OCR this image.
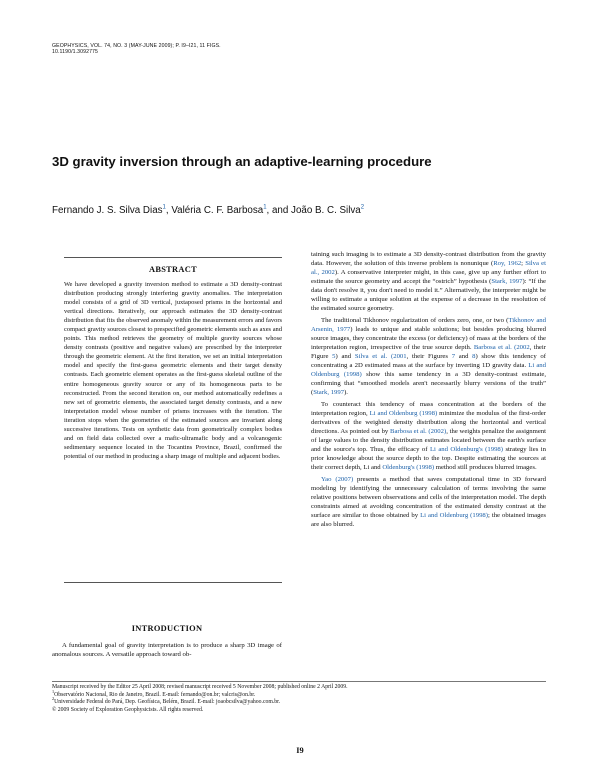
GEOPHYSICS, VOL. 74, NO. 3 (MAY-JUNE 2009); P. I9–I21, 11 FIGS.
10.1190/1.3092775
3D gravity inversion through an adaptive-learning procedure
Fernando J. S. Silva Dias$^1$, Valéria C. F. Barbosa$^1$, and João B. C. Silva$^2$
ABSTRACT
We have developed a gravity inversion method to estimate a 3D density-contrast distribution producing strongly interfering gravity anomalies. The interpretation model consists of a grid of 3D vertical, juxtaposed prisms in the horizontal and vertical directions. Iteratively, our approach estimates the 3D density-contrast distribution that fits the observed anomaly within the measurement errors and favors compact gravity sources closest to prespecified geometric elements such as axes and points. This method retrieves the geometry of multiple gravity sources whose density contrasts (positive and negative values) are prescribed by the interpreter through the geometric element. At the first iteration, we set an initial interpretation model and specify the first-guess geometric elements and their target density contrasts. Each geometric element operates as the first-guess skeletal outline of the entire homogeneous gravity source or any of its homogeneous parts to be reconstructed. From the second iteration on, our method automatically redefines a new set of geometric elements, the associated target density contrasts, and a new interpretation model whose number of prisms increases with the iteration. The iteration stops when the geometries of the estimated sources are invariant along successive iterations. Tests on synthetic data from geometrically complex bodies and on field data collected over a mafic-ultramafic body and a volcanogenic sedimentary sequence located in the Tocantins Province, Brazil, confirmed the potential of our method in producing a sharp image of multiple and adjacent bodies.
INTRODUCTION
A fundamental goal of gravity interpretation is to produce a sharp 3D image of anomalous sources. A versatile approach toward ob-

taining such imaging is to estimate a 3D density-contrast distribution from the gravity data. However, the solution of this inverse problem is nonunique (Roy, 1962; Silva et al., 2002). A conservative interpreter might, in this case, give up any further effort to estimate the source geometry and accept the “ostrich” hypothesis (Stark, 1997): “If the data don't resolve it, you don't need to model it.” Alternatively, the interpreter might be willing to estimate a unique solution at the expense of a decrease in the resolution of the estimated source geometry.

The traditional Tikhonov regularization of orders zero, one, or two (Tikhonov and Arsenin, 1977) leads to unique and stable solutions; but besides producing blurred source images, they concentrate the excess (or deficiency) of mass at the borders of the interpretation region, irrespective of the true source depth. Barbosa et al. (2002, their Figure 5) and Silva et al. (2001, their Figures 7 and 8) show this tendency of concentrating a 2D estimated mass at the surface by inverting 1D gravity data. Li and Oldenburg (1998) show this same tendency in a 3D density-contrast estimate, confirming that “smoothed models aren't necessarily blurry versions of the truth” (Stark, 1997).

To counteract this tendency of mass concentration at the borders of the interpretation region, Li and Oldenburg (1998) minimize the modulus of the first-order derivatives of the weighted density distribution along the horizontal and vertical directions. As pointed out by Barbosa et al. (2002), the weights penalize the assignment of large values to the density distribution estimates located between the earth's surface and the source's top. Thus, the efficacy of Li and Oldenburg's (1998) strategy lies in prior knowledge about the source depth to the top. Despite estimating the sources at their correct depth, Li and Oldenburg's (1998) method still produces blurred images.

Yao (2007) presents a method that saves computational time in 3D forward modeling by identifying the unnecessary calculation of terms involving the same relative positions between observations and cells of the interpretation model. The depth constraints aimed at avoiding concentration of the estimated density contrast at the surface are similar to those obtained by Li and Oldenburg (1998); the obtained images are also blurred.

Manuscript received by the Editor 25 April 2008; revised manuscript received 5 November 2008; published online 2 April 2009.
$^1$Observatório Nacional, Rio de Janeiro, Brazil. E-mail: fernando@on.br; valcris@on.br.
$^2$Universidade Federal do Pará, Dep. Geofísica, Belém, Brazil. E-mail: joaobcsilva@yahoo.com.br.
© 2009 Society of Exploration Geophysicists. All rights reserved.
I9
